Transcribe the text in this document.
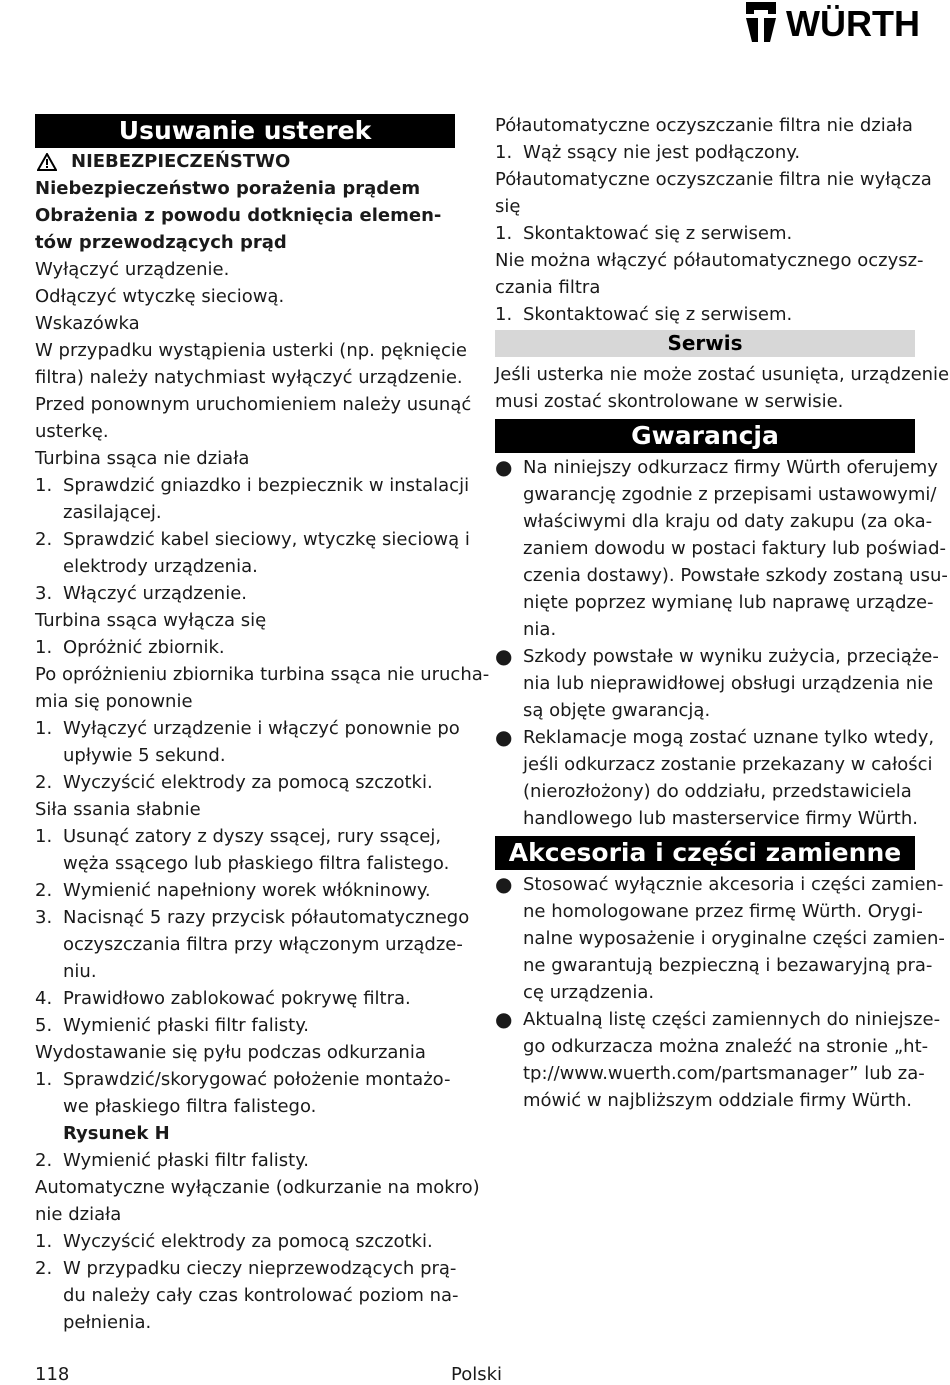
WÜRTH
Usuwanie usterek
NIEBEZPIECZEŃSTWO
Niebezpieczeństwo porażenia prądem
Obrażenia z powodu dotknięcia elemen-
tów przewodzących prąd
Wyłączyć urządzenie.
Odłączyć wtyczkę sieciową.
Wskazówka
W przypadku wystąpienia usterki (np. pęknięcie
filtra) należy natychmiast wyłączyć urządzenie.
Przed ponownym uruchomieniem należy usunąć
usterkę.
Turbina ssąca nie działa
1. Sprawdzić gniazdko i bezpiecznik w instalacji
zasilającej.
2. Sprawdzić kabel sieciowy, wtyczkę sieciową i
elektrody urządzenia.
3. Włączyć urządzenie.
Turbina ssąca wyłącza się
1. Opróżnić zbiornik.
Po opróżnieniu zbiornika turbina ssąca nie urucha-
mia się ponownie
1. Wyłączyć urządzenie i włączyć ponownie po
upływie 5 sekund.
2. Wyczyścić elektrody za pomocą szczotki.
Siła ssania słabnie
1. Usunąć zatory z dyszy ssącej, rury ssącej,
węża ssącego lub płaskiego filtra falistego.
2. Wymienić napełniony worek włókninowy.
3. Nacisnąć 5 razy przycisk półautomatycznego
oczyszczania filtra przy włączonym urządze-
niu.
4. Prawidłowo zablokować pokrywę filtra.
5. Wymienić płaski filtr falisty.
Wydostawanie się pyłu podczas odkurzania
1. Sprawdzić/skorygować położenie montażo-
we płaskiego filtra falistego.
Rysunek H
2. Wymienić płaski filtr falisty.
Automatyczne wyłączanie (odkurzanie na mokro)
nie działa
1. Wyczyścić elektrody za pomocą szczotki.
2. W przypadku cieczy nieprzewodzących prą-
du należy cały czas kontrolować poziom na-
pełnienia.
Półautomatyczne oczyszczanie filtra nie działa
1. Wąż ssący nie jest podłączony.
Półautomatyczne oczyszczanie filtra nie wyłącza
się
1. Skontaktować się z serwisem.
Nie można włączyć półautomatycznego oczysz-
czania filtra
1. Skontaktować się z serwisem.
Serwis
Jeśli usterka nie może zostać usunięta, urządzenie
musi zostać skontrolowane w serwisie.
Gwarancja
● Na niniejszy odkurzacz firmy Würth oferujemy
gwarancję zgodnie z przepisami ustawowymi/
właściwymi dla kraju od daty zakupu (za oka-
zaniem dowodu w postaci faktury lub poświad-
czenia dostawy). Powstałe szkody zostaną usu-
nięte poprzez wymianę lub naprawę urządze-
nia.
● Szkody powstałe w wyniku zużycia, przeciąże-
nia lub nieprawidłowej obsługi urządzenia nie
są objęte gwarancją.
● Reklamacje mogą zostać uznane tylko wtedy,
jeśli odkurzacz zostanie przekazany w całości
(nierozłożony) do oddziału, przedstawiciela
handlowego lub masterservice firmy Würth.
Akcesoria i części zamienne
● Stosować wyłącznie akcesoria i części zamien-
ne homologowane przez firmę Würth. Orygi-
nalne wyposażenie i oryginalne części zamien-
ne gwarantują bezpieczną i bezawaryjną pra-
cę urządzenia.
● Aktualną listę części zamiennych do niniejsze-
go odkurzacza można znaleźć na stronie „ht-
tp://www.wuerth.com/partsmanager” lub za-
mówić w najbliższym oddziale firmy Würth.
118	Polski
